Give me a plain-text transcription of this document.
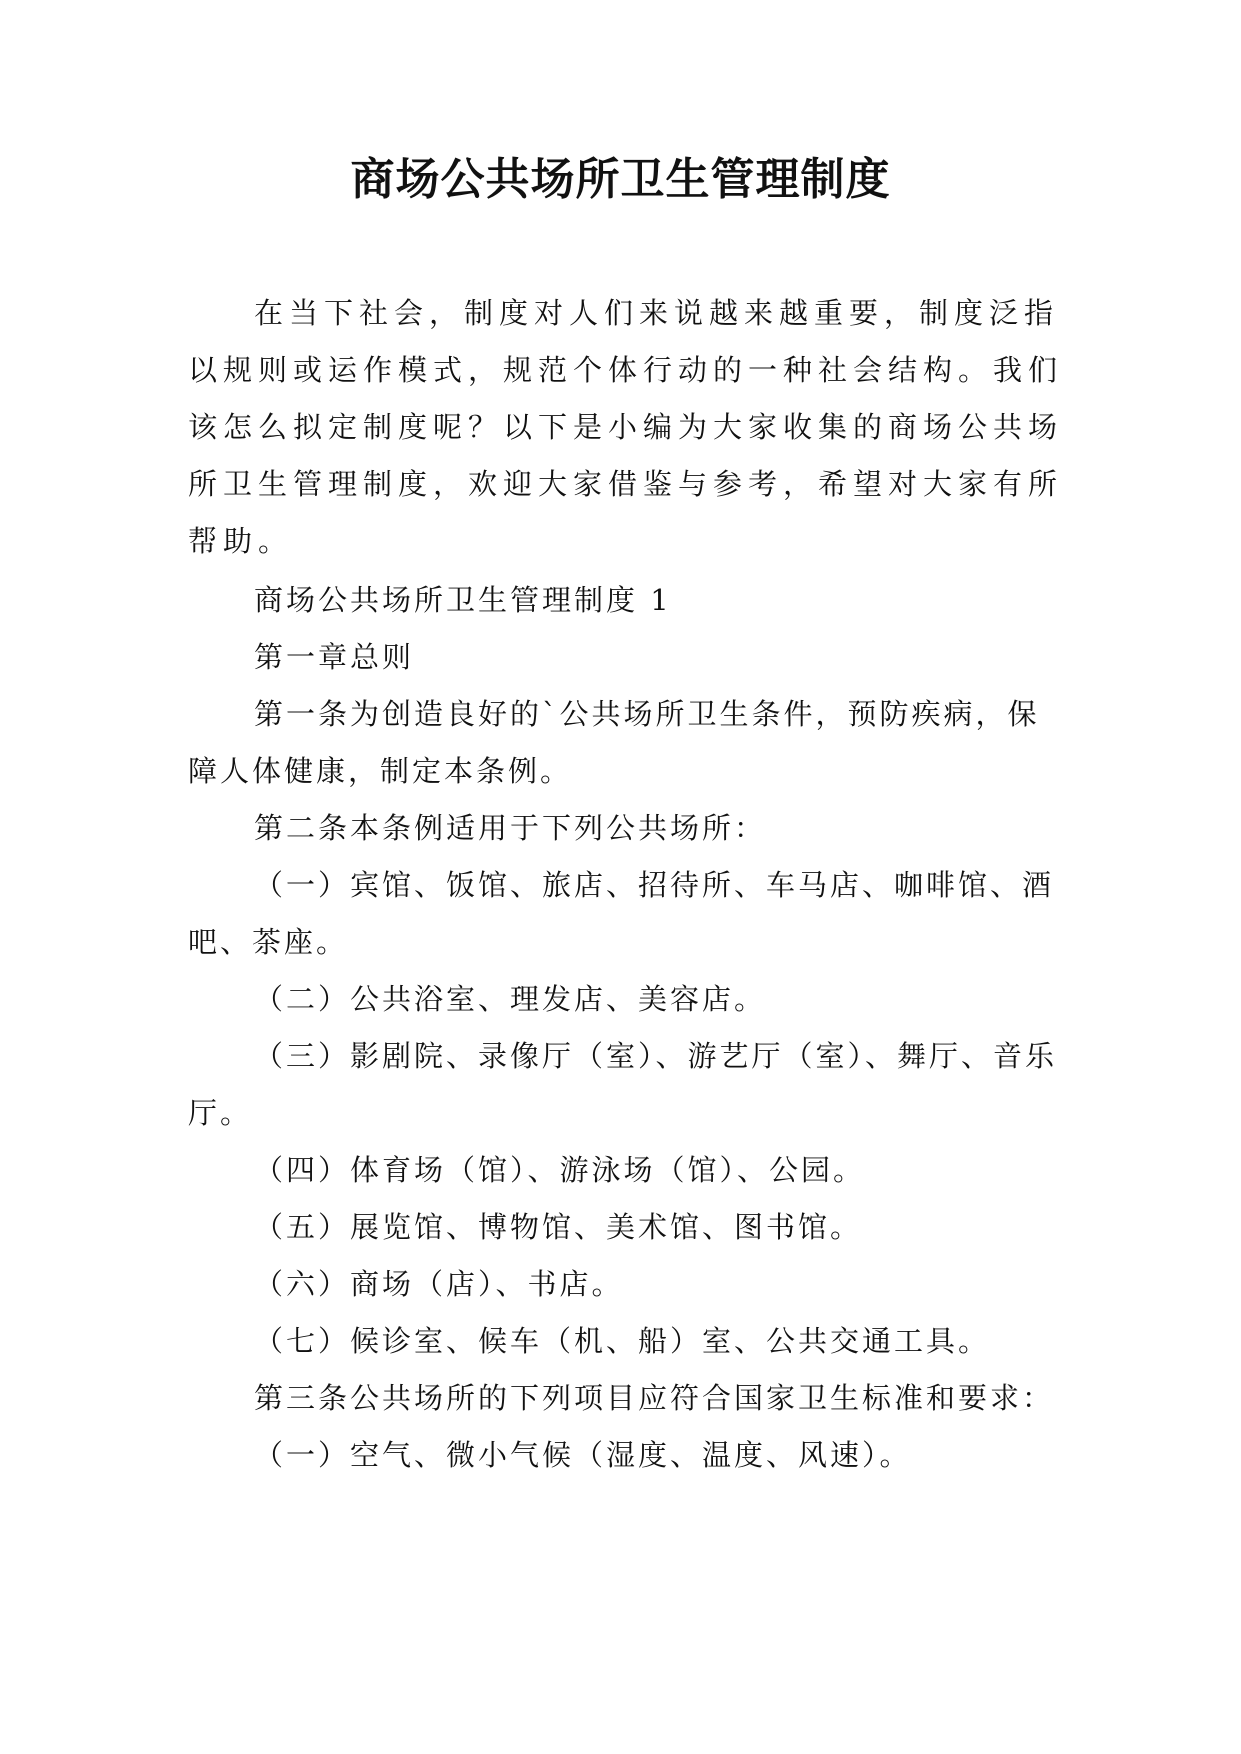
商场公共场所卫生管理制度

在当下社会，制度对人们来说越来越重要，制度泛指以规则或运作模式，规范个体行动的一种社会结构。我们该怎么拟定制度呢？以下是小编为大家收集的商场公共场所卫生管理制度，欢迎大家借鉴与参考，希望对大家有所帮助。

商场公共场所卫生管理制度 1

第一章总则

第一条为创造良好的`公共场所卫生条件，预防疾病，保障人体健康，制定本条例。

第二条本条例适用于下列公共场所：

（一）宾馆、饭馆、旅店、招待所、车马店、咖啡馆、酒吧、茶座。

（二）公共浴室、理发店、美容店。

（三）影剧院、录像厅（室）、游艺厅（室）、舞厅、音乐厅。

（四）体育场（馆）、游泳场（馆）、公园。

（五）展览馆、博物馆、美术馆、图书馆。

（六）商场（店）、书店。

（七）候诊室、候车（机、船）室、公共交通工具。

第三条公共场所的下列项目应符合国家卫生标准和要求：

（一）空气、微小气候（湿度、温度、风速）。
